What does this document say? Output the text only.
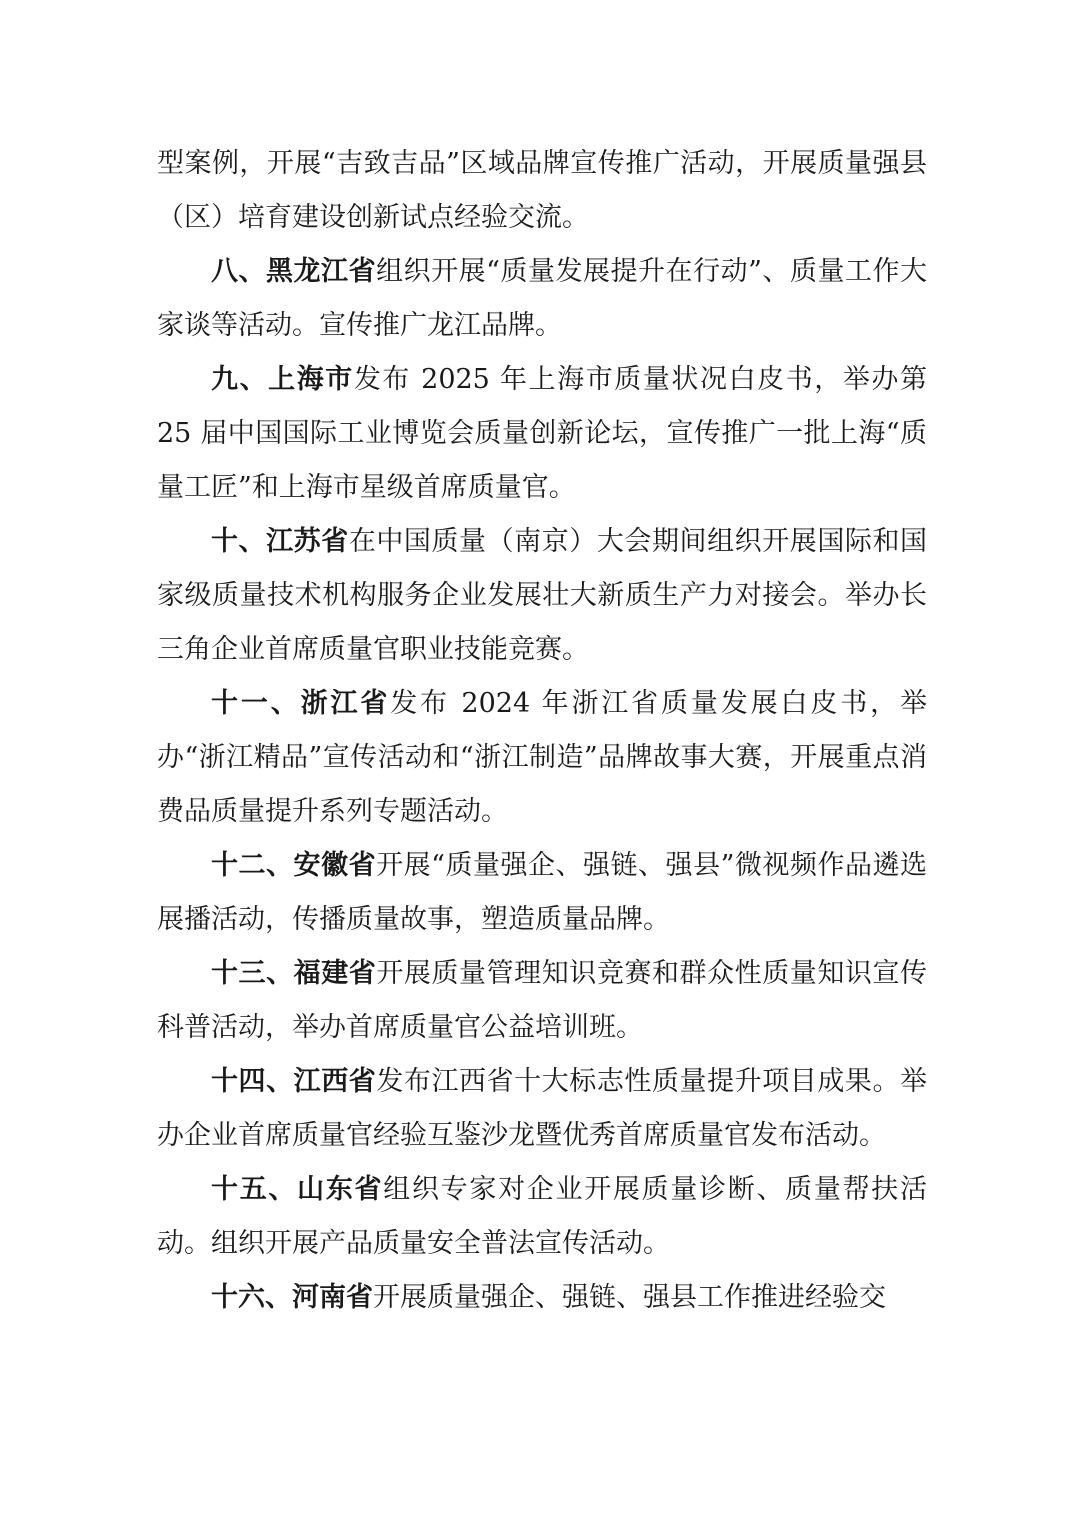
型案例，开展“吉致吉品”区域品牌宣传推广活动，开展质量强县（区）培育建设创新试点经验交流。

八、黑龙江省组织开展“质量发展提升在行动”、质量工作大家谈等活动。宣传推广龙江品牌。

九、上海市发布 2025 年上海市质量状况白皮书，举办第 25 届中国国际工业博览会质量创新论坛，宣传推广一批上海“质量工匠”和上海市星级首席质量官。

十、江苏省在中国质量（南京）大会期间组织开展国际和国家级质量技术机构服务企业发展壮大新质生产力对接会。举办长三角企业首席质量官职业技能竞赛。

十一、浙江省发布 2024 年浙江省质量发展白皮书，举办“浙江精品”宣传活动和“浙江制造”品牌故事大赛，开展重点消费品质量提升系列专题活动。

十二、安徽省开展“质量强企、强链、强县”微视频作品遴选展播活动，传播质量故事，塑造质量品牌。

十三、福建省开展质量管理知识竞赛和群众性质量知识宣传科普活动，举办首席质量官公益培训班。

十四、江西省发布江西省十大标志性质量提升项目成果。举办企业首席质量官经验互鉴沙龙暨优秀首席质量官发布活动。

十五、山东省组织专家对企业开展质量诊断、质量帮扶活动。组织开展产品质量安全普法宣传活动。

十六、河南省开展质量强企、强链、强县工作推进经验交
